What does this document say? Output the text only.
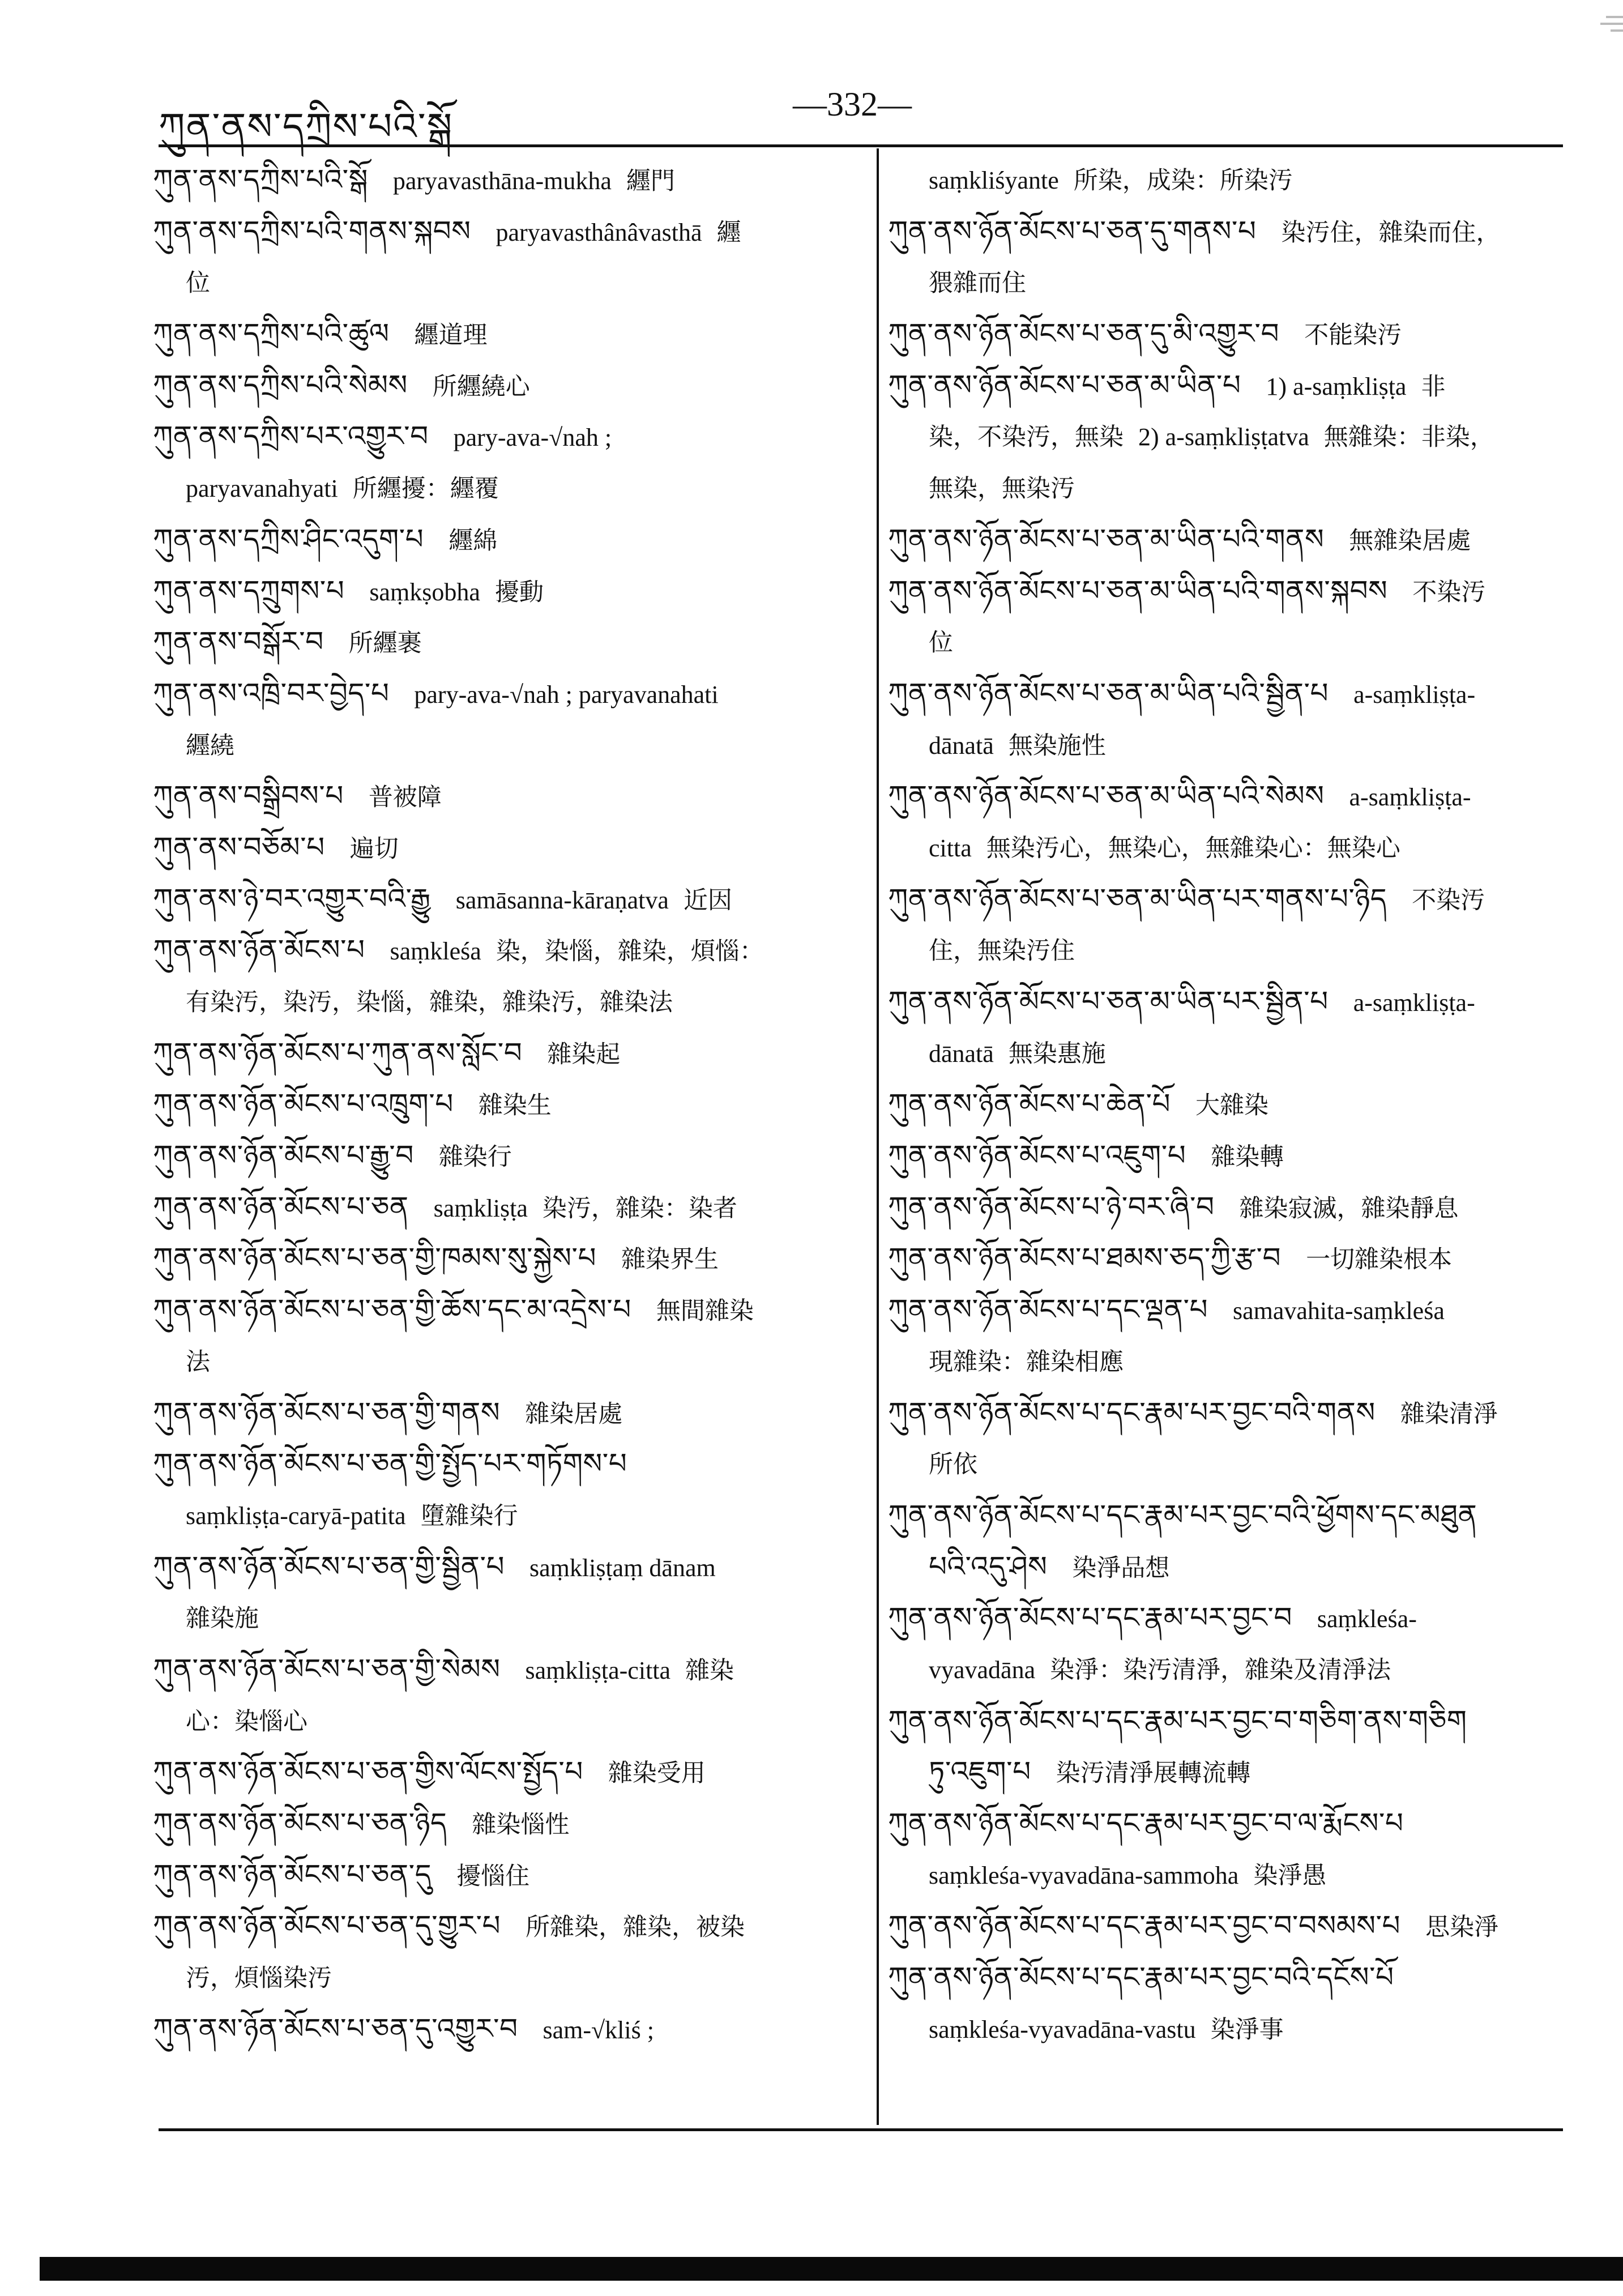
ཀུན་ནས་དཀྲིས་པའི་སྒོ
—332—
ཀུན་ནས་དཀྲིས་པའི་སྒོ paryavasthāna-mukha 纒門
ཀུན་ནས་དཀྲིས་པའི་གནས་སྐབས paryavasthânâvasthā 纒
位
ཀུན་ནས་དཀྲིས་པའི་ཚུལ 纒道理
ཀུན་ནས་དཀྲིས་པའི་སེམས 所纒繞心
ཀུན་ནས་དཀྲིས་པར་འགྱུར་བ pary-ava-√nah ;
paryavanahyati 所纒擾：纒覆
ཀུན་ནས་དཀྲིས་ཤིང་འདུག་པ 纒綿
ཀུན་ནས་དཀྲུགས་པ saṃkṣobha 擾動
ཀུན་ནས་བསྒོར་བ 所纒裹
ཀུན་ནས་འཁྲི་བར་བྱེད་པ pary-ava-√nah ; paryavanahati
纒繞
ཀུན་ནས་བསྒྲིབས་པ 普被障
ཀུན་ནས་བཅོམ་པ 遍切
ཀུན་ནས་ཉེ་བར་འགྱུར་བའི་རྒྱུ samāsanna-kāraṇatva 近因
ཀུན་ནས་ཉོན་མོངས་པ saṃkleśa 染，染惱，雜染，煩惱：
有染汚，染汚，染惱，雜染，雜染汚，雜染法
ཀུན་ནས་ཉོན་མོངས་པ་ཀུན་ནས་སློང་བ 雜染起
ཀུན་ནས་ཉོན་མོངས་པ་འཁྲུག་པ 雜染生
ཀུན་ནས་ཉོན་མོངས་པ་རྒྱུ་བ 雜染行
ཀུན་ནས་ཉོན་མོངས་པ་ཅན saṃkliṣṭa 染汚，雜染：染者
ཀུན་ནས་ཉོན་མོངས་པ་ཅན་གྱི་ཁམས་སུ་སྐྱེས་པ 雜染界生
ཀུན་ནས་ཉོན་མོངས་པ་ཅན་གྱི་ཆོས་དང་མ་འདྲེས་པ 無間雜染
法
ཀུན་ནས་ཉོན་མོངས་པ་ཅན་གྱི་གནས 雜染居處
ཀུན་ནས་ཉོན་མོངས་པ་ཅན་གྱི་སྤྱོད་པར་གཏོགས་པ
saṃkliṣṭa-caryā-patita 墮雜染行
ཀུན་ནས་ཉོན་མོངས་པ་ཅན་གྱི་སྦྱིན་པ saṃkliṣṭaṃ dānam
雜染施
ཀུན་ནས་ཉོན་མོངས་པ་ཅན་གྱི་སེམས saṃkliṣṭa-citta 雜染
心：染惱心
ཀུན་ནས་ཉོན་མོངས་པ་ཅན་གྱིས་ལོངས་སྤྱོད་པ 雜染受用
ཀུན་ནས་ཉོན་མོངས་པ་ཅན་ཉིད 雜染惱性
ཀུན་ནས་ཉོན་མོངས་པ་ཅན་དུ 擾惱住
ཀུན་ནས་ཉོན་མོངས་པ་ཅན་དུ་གྱུར་པ 所雜染，雜染，被染
汚，煩惱染汚
ཀུན་ནས་ཉོན་མོངས་པ་ཅན་དུ་འགྱུར་བ sam-√kliś ;
saṃkliśyante 所染，成染：所染汚
ཀུན་ནས་ཉོན་མོངས་པ་ཅན་དུ་གནས་པ 染汚住，雜染而住，
猥雜而住
ཀུན་ནས་ཉོན་མོངས་པ་ཅན་དུ་མི་འགྱུར་བ 不能染汚
ཀུན་ནས་ཉོན་མོངས་པ་ཅན་མ་ཡིན་པ 1) a-saṃkliṣṭa 非
染，不染汚，無染 2) a-saṃkliṣṭatva 無雜染：非染，
無染，無染汚
ཀུན་ནས་ཉོན་མོངས་པ་ཅན་མ་ཡིན་པའི་གནས 無雜染居處
ཀུན་ནས་ཉོན་མོངས་པ་ཅན་མ་ཡིན་པའི་གནས་སྐབས 不染汚
位
ཀུན་ནས་ཉོན་མོངས་པ་ཅན་མ་ཡིན་པའི་སྦྱིན་པ a-saṃkliṣṭa-
dānatā 無染施性
ཀུན་ནས་ཉོན་མོངས་པ་ཅན་མ་ཡིན་པའི་སེམས a-saṃkliṣṭa-
citta 無染汚心，無染心，無雜染心：無染心
ཀུན་ནས་ཉོན་མོངས་པ་ཅན་མ་ཡིན་པར་གནས་པ་ཉིད 不染汚
住，無染汚住
ཀུན་ནས་ཉོན་མོངས་པ་ཅན་མ་ཡིན་པར་སྦྱིན་པ a-saṃkliṣṭa-
dānatā 無染惠施
ཀུན་ནས་ཉོན་མོངས་པ་ཆེན་པོ 大雜染
ཀུན་ནས་ཉོན་མོངས་པ་འཇུག་པ 雜染轉
ཀུན་ནས་ཉོན་མོངས་པ་ཉེ་བར་ཞི་བ 雜染寂滅，雜染靜息
ཀུན་ནས་ཉོན་མོངས་པ་ཐམས་ཅད་ཀྱི་རྩ་བ 一切雜染根本
ཀུན་ནས་ཉོན་མོངས་པ་དང་ལྡན་པ samavahita-saṃkleśa
現雜染：雜染相應
ཀུན་ནས་ཉོན་མོངས་པ་དང་རྣམ་པར་བྱང་བའི་གནས 雜染清淨
所依
ཀུན་ནས་ཉོན་མོངས་པ་དང་རྣམ་པར་བྱང་བའི་ཕྱོགས་དང་མཐུན
པའི་འདུ་ཤེས 染淨品想
ཀུན་ནས་ཉོན་མོངས་པ་དང་རྣམ་པར་བྱང་བ saṃkleśa-
vyavadāna 染淨：染汚清淨，雜染及清淨法
ཀུན་ནས་ཉོན་མོངས་པ་དང་རྣམ་པར་བྱང་བ་གཅིག་ནས་གཅིག
ཏུ་འཇུག་པ 染汚清淨展轉流轉
ཀུན་ནས་ཉོན་མོངས་པ་དང་རྣམ་པར་བྱང་བ་ལ་རྨོངས་པ
saṃkleśa-vyavadāna-sammoha 染淨愚
ཀུན་ནས་ཉོན་མོངས་པ་དང་རྣམ་པར་བྱང་བ་བསམས་པ 思染淨
ཀུན་ནས་ཉོན་མོངས་པ་དང་རྣམ་པར་བྱང་བའི་དངོས་པོ
saṃkleśa-vyavadāna-vastu 染淨事
